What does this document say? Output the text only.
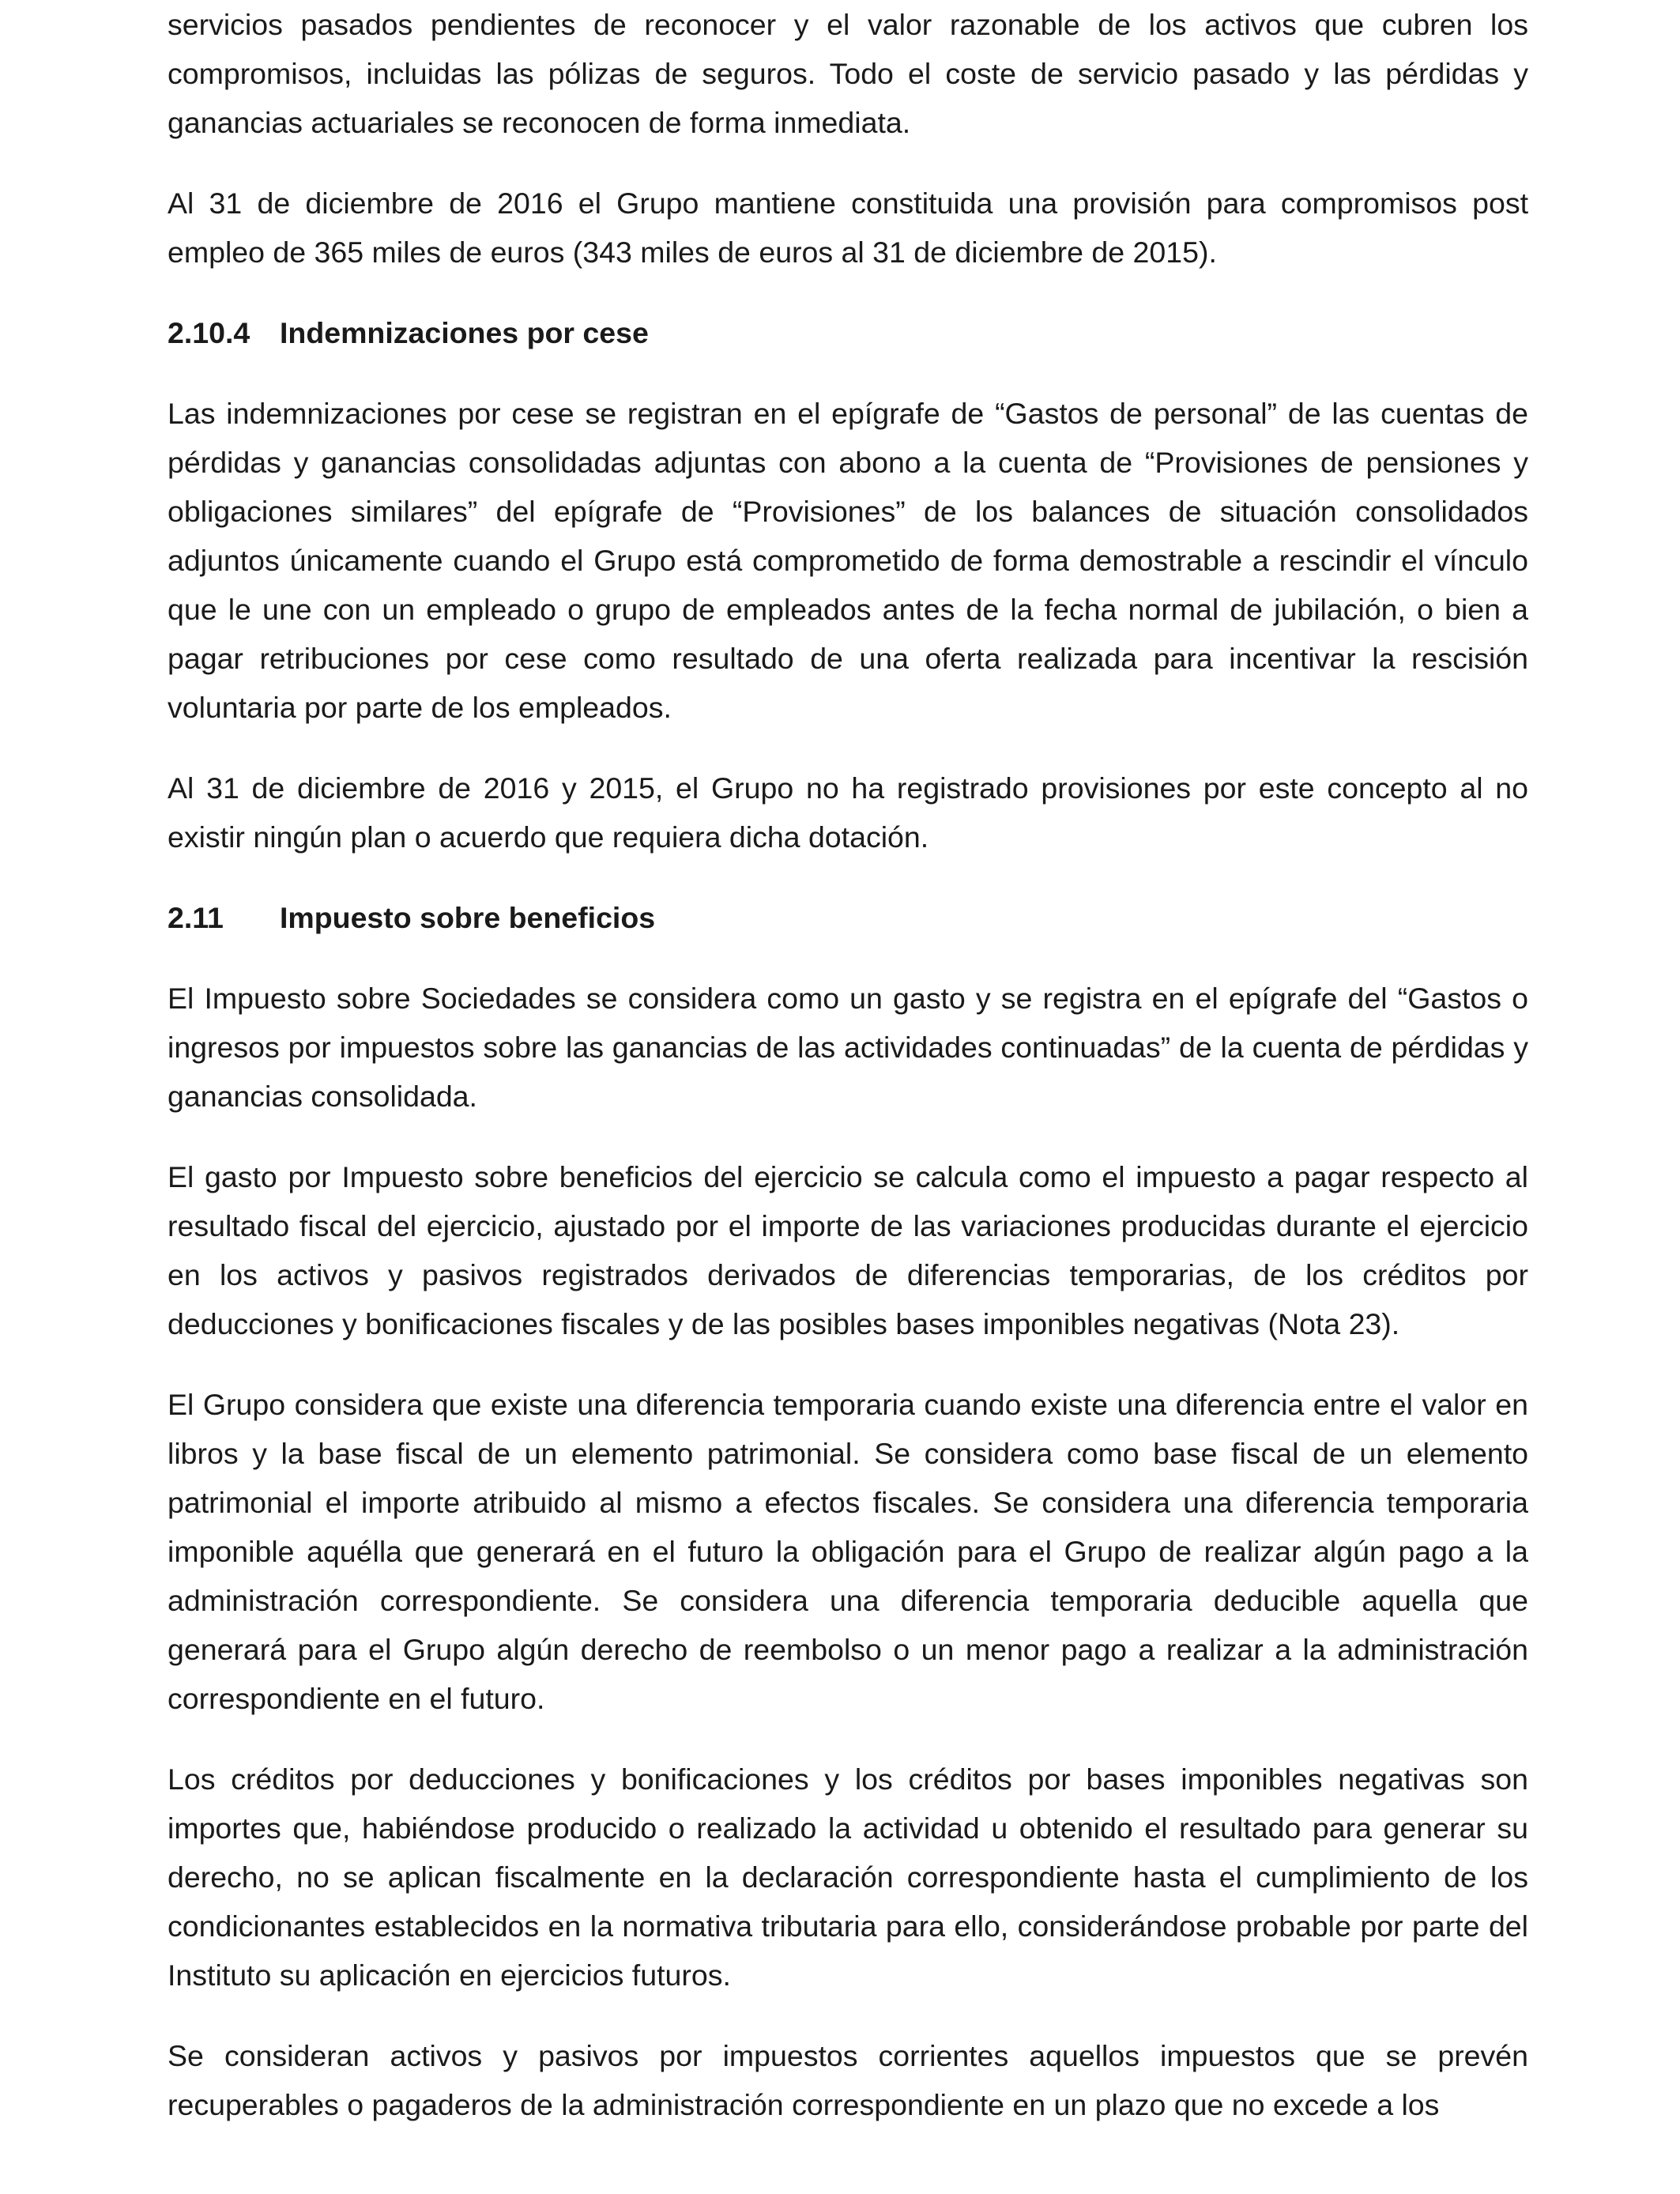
servicios pasados pendientes de reconocer y el valor razonable de los activos que cubren los compromisos, incluidas las pólizas de seguros. Todo el coste de servicio pasado y las pérdidas y ganancias actuariales se reconocen de forma inmediata.

Al 31 de diciembre de 2016 el Grupo mantiene constituida una provisión para compromisos post empleo de 365 miles de euros (343 miles de euros al 31 de diciembre de 2015).

2.10.4	Indemnizaciones por cese

Las indemnizaciones por cese se registran en el epígrafe de “Gastos de personal” de las cuentas de pérdidas y ganancias consolidadas adjuntas con abono a la cuenta de “Provisiones de pensiones y obligaciones similares” del epígrafe de “Provisiones” de los balances de situación consolidados adjuntos únicamente cuando el Grupo está comprometido de forma demostrable a rescindir el vínculo que le une con un empleado o grupo de empleados antes de la fecha normal de jubilación, o bien a pagar retribuciones por cese como resultado de una oferta realizada para incentivar la rescisión voluntaria por parte de los empleados.

Al 31 de diciembre de 2016 y 2015, el Grupo no ha registrado provisiones por este concepto al no existir ningún plan o acuerdo que requiera dicha dotación.

2.11	Impuesto sobre beneficios

El Impuesto sobre Sociedades se considera como un gasto y se registra en el epígrafe del “Gastos o ingresos por impuestos sobre las ganancias de las actividades continuadas” de la cuenta de pérdidas y ganancias consolidada.

El gasto por Impuesto sobre beneficios del ejercicio se calcula como el impuesto a pagar respecto al resultado fiscal del ejercicio, ajustado por el importe de las variaciones producidas durante el ejercicio en los activos y pasivos registrados derivados de diferencias temporarias, de los créditos por deducciones y bonificaciones fiscales y de las posibles bases imponibles negativas (Nota 23).

El Grupo considera que existe una diferencia temporaria cuando existe una diferencia entre el valor en libros y la base fiscal de un elemento patrimonial. Se considera como base fiscal de un elemento patrimonial el importe atribuido al mismo a efectos fiscales. Se considera una diferencia temporaria imponible aquélla que generará en el futuro la obligación para el Grupo de realizar algún pago a la administración correspondiente. Se considera una diferencia temporaria deducible aquella que generará para el Grupo algún derecho de reembolso o un menor pago a realizar a la administración correspondiente en el futuro.

Los créditos por deducciones y bonificaciones y los créditos por bases imponibles negativas son importes que, habiéndose producido o realizado la actividad u obtenido el resultado para generar su derecho, no se aplican fiscalmente en la declaración correspondiente hasta el cumplimiento de los condicionantes establecidos en la normativa tributaria para ello, considerándose probable por parte del Instituto su aplicación en ejercicios futuros.

Se consideran activos y pasivos por impuestos corrientes aquellos impuestos que se prevén recuperables o pagaderos de la administración correspondiente en un plazo que no excede a los
